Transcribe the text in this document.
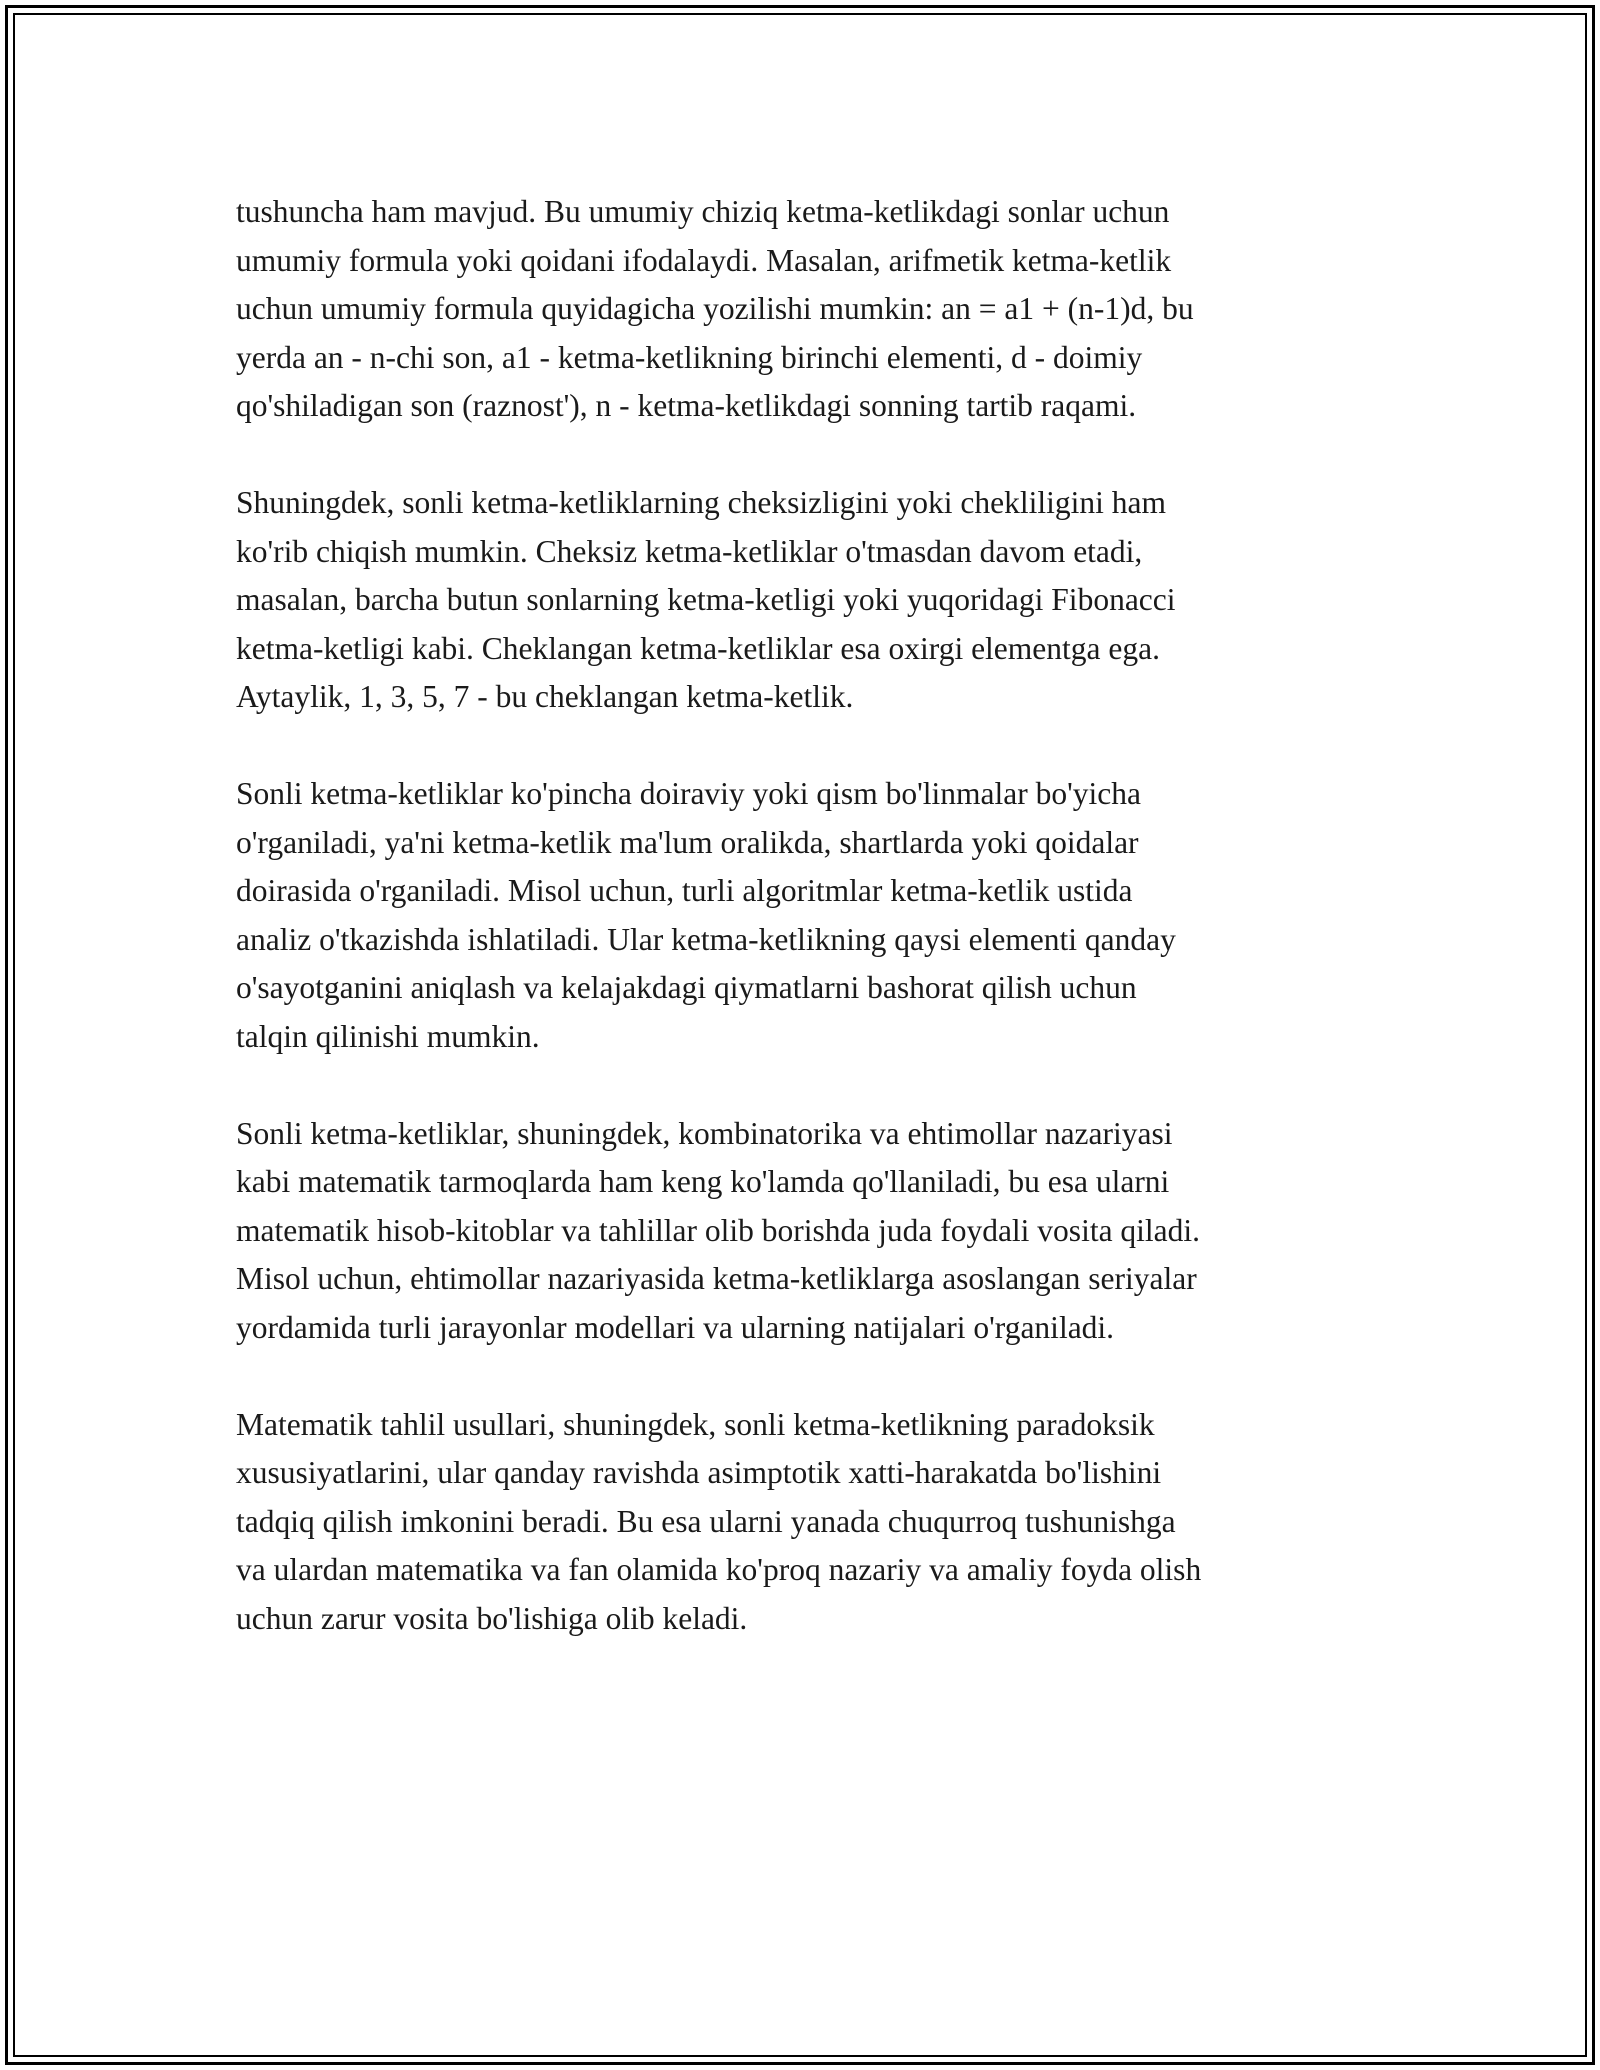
tushuncha ham mavjud. Bu umumiy chiziq ketma-ketlikdagi sonlar uchun
umumiy formula yoki qoidani ifodalaydi. Masalan, arifmetik ketma-ketlik
uchun umumiy formula quyidagicha yozilishi mumkin: an = a1 + (n-1)d, bu
yerda an - n-chi son, a1 - ketma-ketlikning birinchi elementi, d - doimiy
qo'shiladigan son (raznost'), n - ketma-ketlikdagi sonning tartib raqami.

Shuningdek, sonli ketma-ketliklarning cheksizligini yoki chekliligini ham
ko'rib chiqish mumkin. Cheksiz ketma-ketliklar o'tmasdan davom etadi,
masalan, barcha butun sonlarning ketma-ketligi yoki yuqoridagi Fibonacci
ketma-ketligi kabi. Cheklangan ketma-ketliklar esa oxirgi elementga ega.
Aytaylik, 1, 3, 5, 7 - bu cheklangan ketma-ketlik.

Sonli ketma-ketliklar ko'pincha doiraviy yoki qism bo'linmalar bo'yicha
o'rganiladi, ya'ni ketma-ketlik ma'lum oralikda, shartlarda yoki qoidalar
doirasida o'rganiladi. Misol uchun, turli algoritmlar ketma-ketlik ustida
analiz o'tkazishda ishlatiladi. Ular ketma-ketlikning qaysi elementi qanday
o'sayotganini aniqlash va kelajakdagi qiymatlarni bashorat qilish uchun
talqin qilinishi mumkin.

Sonli ketma-ketliklar, shuningdek, kombinatorika va ehtimollar nazariyasi
kabi matematik tarmoqlarda ham keng ko'lamda qo'llaniladi, bu esa ularni
matematik hisob-kitoblar va tahlillar olib borishda juda foydali vosita qiladi.
Misol uchun, ehtimollar nazariyasida ketma-ketliklarga asoslangan seriyalar
yordamida turli jarayonlar modellari va ularning natijalari o'rganiladi.

Matematik tahlil usullari, shuningdek, sonli ketma-ketlikning paradoksik
xususiyatlarini, ular qanday ravishda asimptotik xatti-harakatda bo'lishini
tadqiq qilish imkonini beradi. Bu esa ularni yanada chuqurroq tushunishga
va ulardan matematika va fan olamida ko'proq nazariy va amaliy foyda olish
uchun zarur vosita bo'lishiga olib keladi.
